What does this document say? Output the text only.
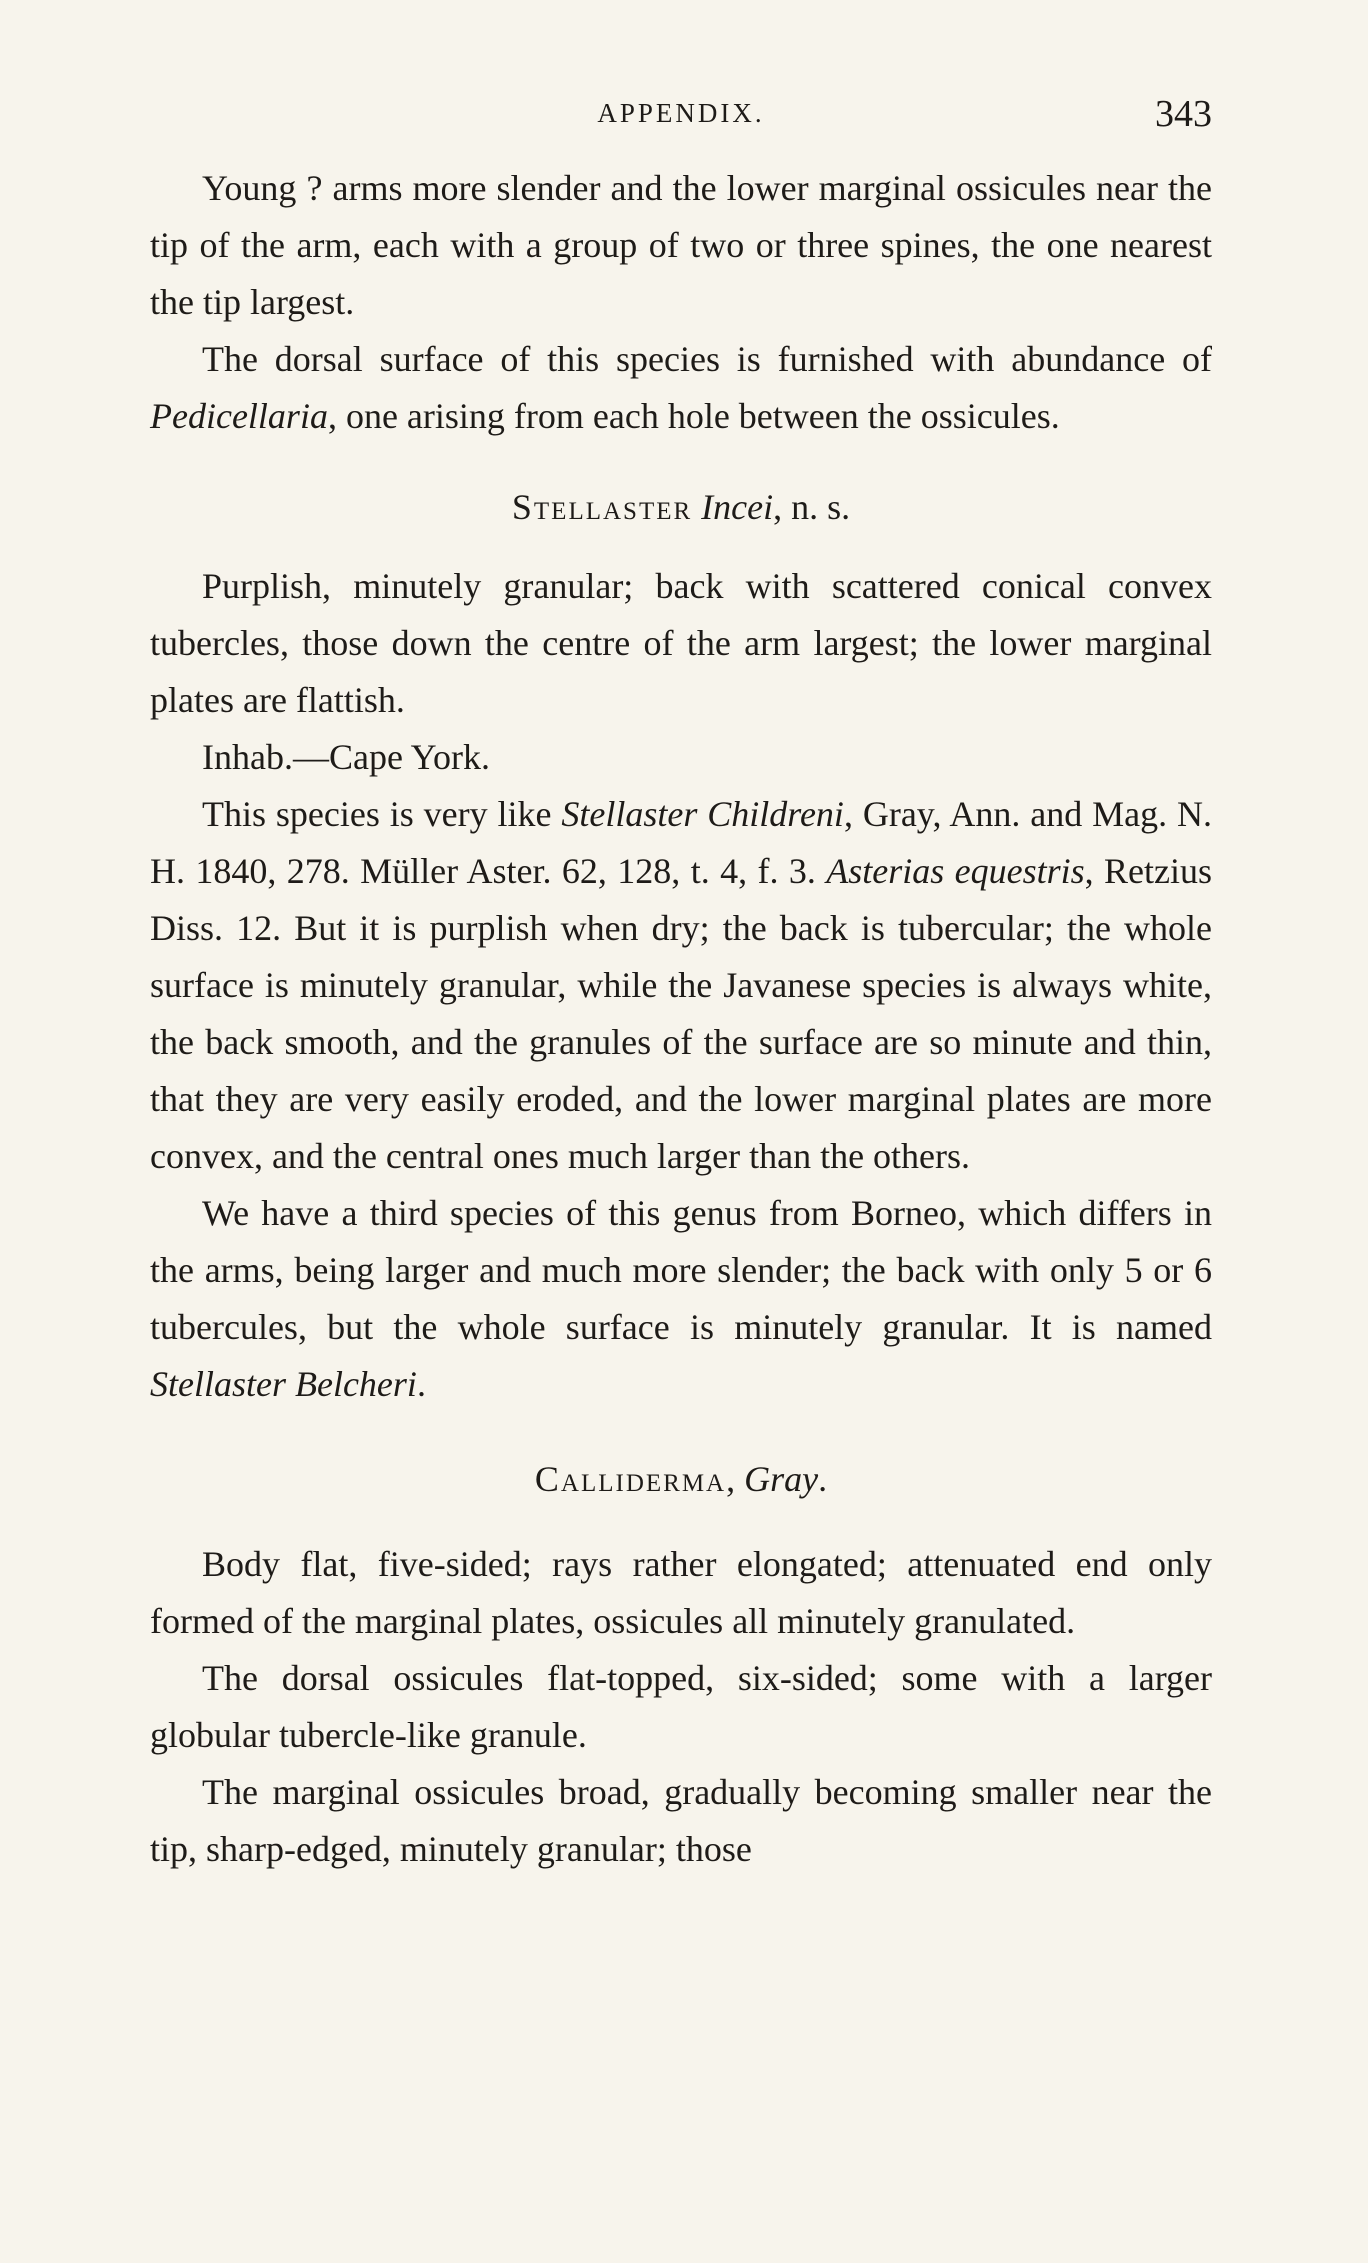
APPENDIX.	343

Young ? arms more slender and the lower marginal ossicules near the tip of the arm, each with a group of two or three spines, the one nearest the tip largest.

The dorsal surface of this species is furnished with abundance of Pedicellaria, one arising from each hole between the ossicules.

Stellaster Incei, n. s.

Purplish, minutely granular; back with scattered conical convex tubercles, those down the centre of the arm largest; the lower marginal plates are flattish.

Inhab.—Cape York.

This species is very like Stellaster Childreni, Gray, Ann. and Mag. N. H. 1840, 278. Müller Aster. 62, 128, t. 4, f. 3. Asterias equestris, Retzius Diss. 12. But it is purplish when dry; the back is tubercular; the whole surface is minutely granular, while the Javanese species is always white, the back smooth, and the granules of the surface are so minute and thin, that they are very easily eroded, and the lower marginal plates are more convex, and the central ones much larger than the others.

We have a third species of this genus from Borneo, which differs in the arms, being larger and much more slender; the back with only 5 or 6 tubercules, but the whole surface is minutely granular. It is named Stellaster Belcheri.

Calliderma, Gray.

Body flat, five-sided; rays rather elongated; attenuated end only formed of the marginal plates, ossicules all minutely granulated.

The dorsal ossicules flat-topped, six-sided; some with a larger globular tubercle-like granule.

The marginal ossicules broad, gradually becoming smaller near the tip, sharp-edged, minutely granular; those
